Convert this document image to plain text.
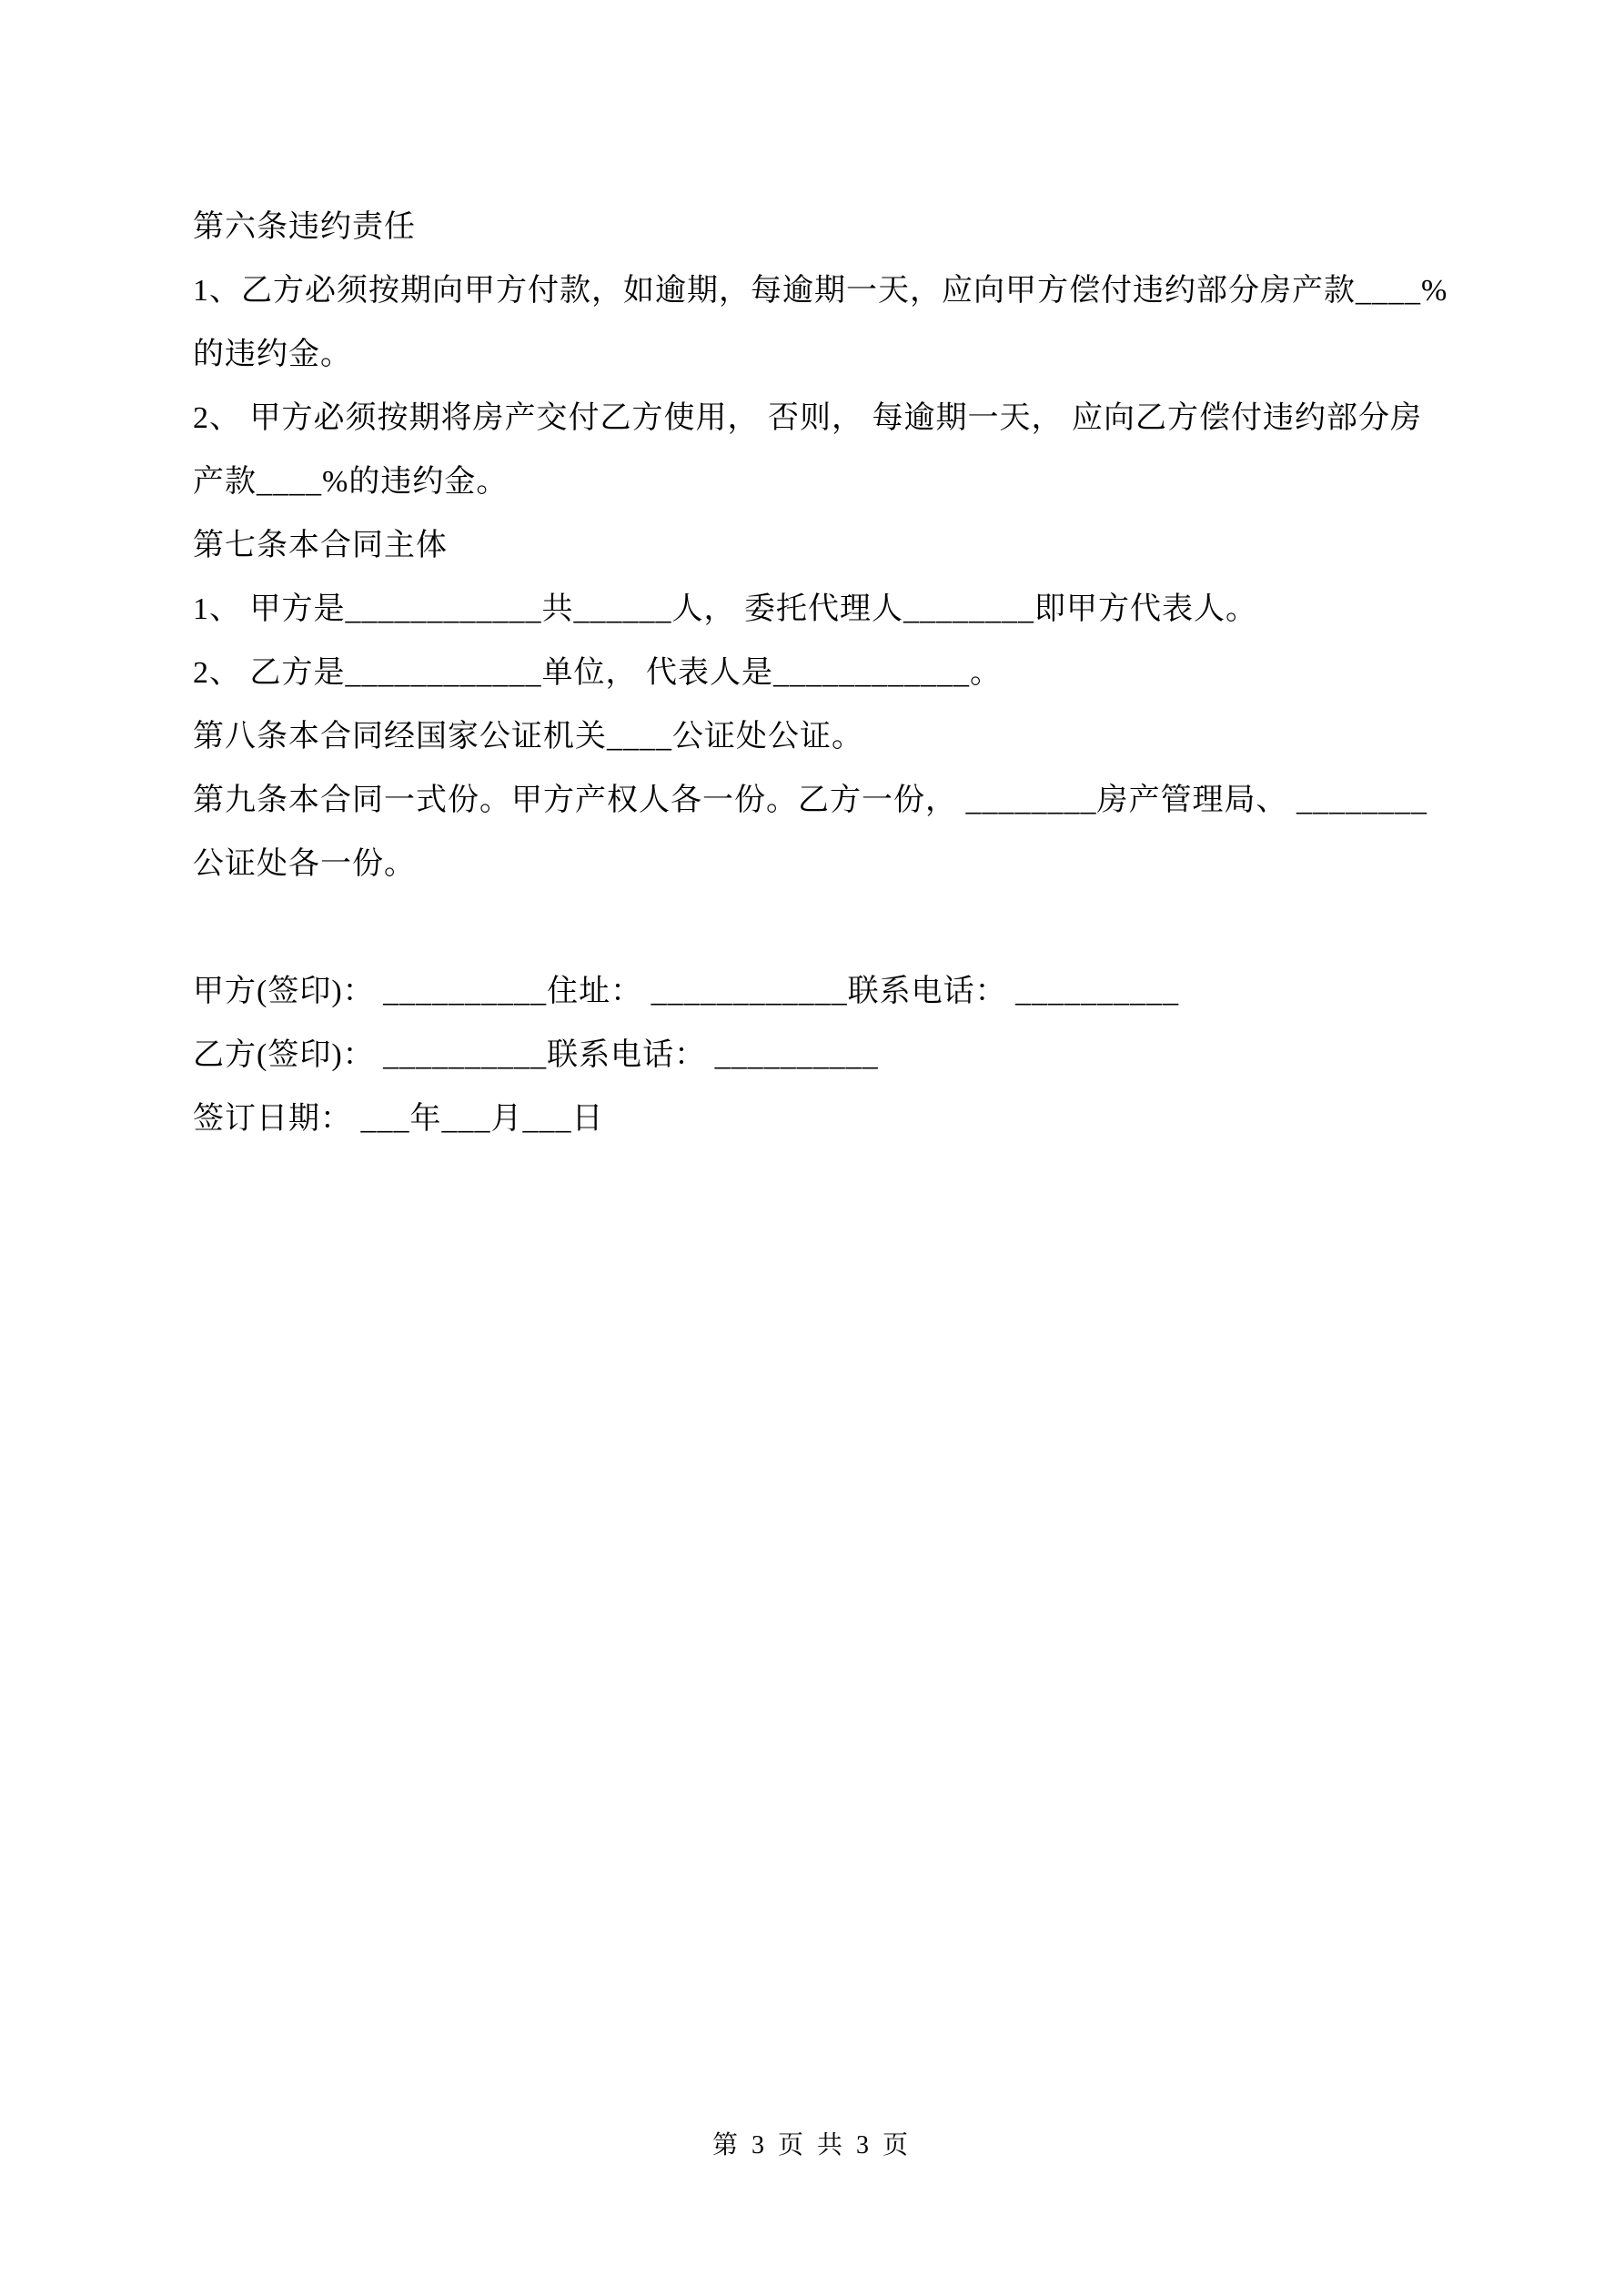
第六条违约责任
1、乙方必须按期向甲方付款，如逾期，每逾期一天，应向甲方偿付违约部分房产款____%
的违约金。
2、 甲方必须按期将房产交付乙方使用， 否则， 每逾期一天， 应向乙方偿付违约部分房
产款____%的违约金。
第七条本合同主体
1、 甲方是____________共______人， 委托代理人________即甲方代表人。
2、 乙方是____________单位， 代表人是____________。
第八条本合同经国家公证机关____公证处公证。
第九条本合同一式份。甲方产权人各一份。乙方一份， ________房产管理局、 ________
公证处各一份。
甲方(签印)： __________住址： ____________联系电话： __________
乙方(签印)： __________联系电话： __________
签订日期： ___年___月___日
第 3 页 共 3 页
